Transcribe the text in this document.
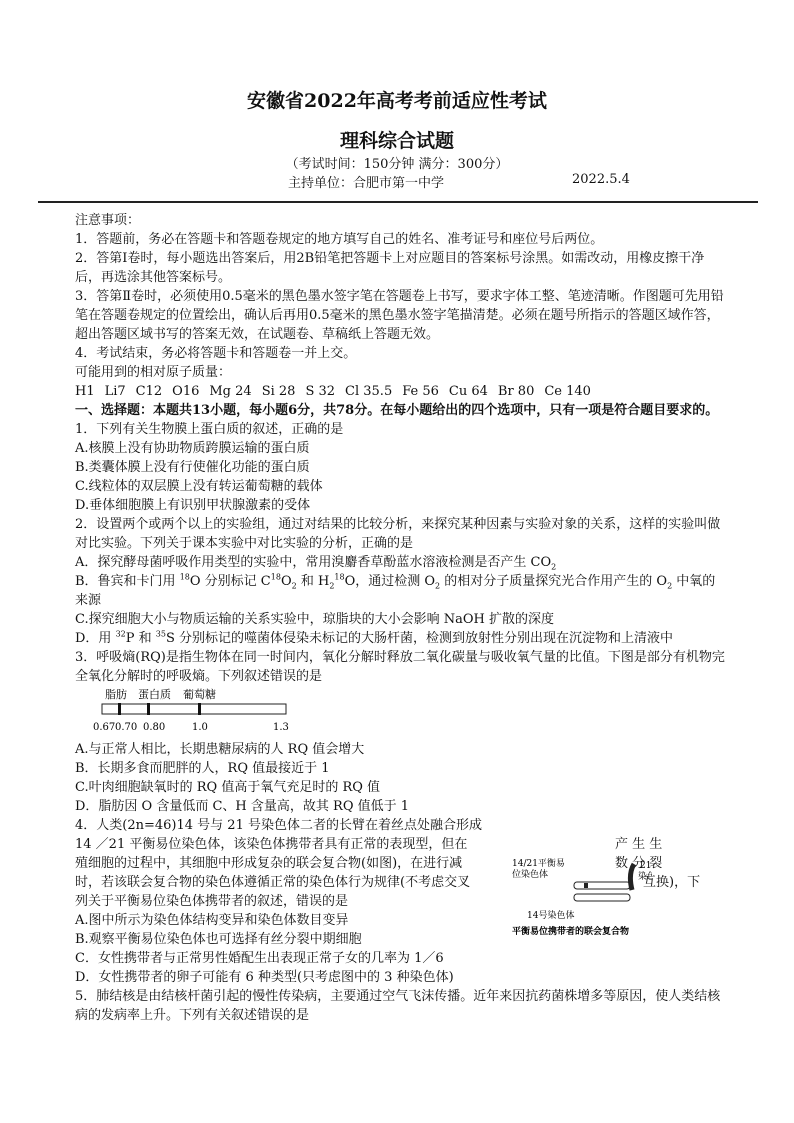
安徽省2022年高考考前适应性考试
理科综合试题
（考试时间：150分钟 满分：300分）
主持单位：合肥市第一中学	2022.5.4

注意事项：

1．答题前，务必在答题卡和答题卷规定的地方填写自己的姓名、准考证号和座位号后两位。

2．答第Ⅰ卷时，每小题选出答案后，用2B铅笔把答题卡上对应题目的答案标号涂黑。如需改动，用橡皮擦干净后，再选涂其他答案标号。

3．答第Ⅱ卷时，必须使用0.5毫米的黑色墨水签字笔在答题卷上书写，要求字体工整、笔迹清晰。作图题可先用铅笔在答题卷规定的位置绘出，确认后再用0.5毫米的黑色墨水签字笔描清楚。必须在题号所指示的答题区域作答，超出答题区域书写的答案无效，在试题卷、草稿纸上答题无效。

4．考试结束，务必将答题卡和答题卷一并上交。

可能用到的相对原子质量：

H1 Li7 C12 O16 Mg 24 Si 28 S 32 Cl 35.5 Fe 56 Cu 64 Br 80 Ce 140

一、选择题：本题共13小题，每小题6分，共78分。在每小题给出的四个选项中，只有一项是符合题目要求的。

1．下列有关生物膜上蛋白质的叙述，正确的是

A.核膜上没有协助物质跨膜运输的蛋白质

B.类囊体膜上没有行使催化功能的蛋白质

C.线粒体的双层膜上没有转运葡萄糖的载体

D.垂体细胞膜上有识别甲状腺激素的受体

2．设置两个或两个以上的实验组，通过对结果的比较分析，来探究某种因素与实验对象的关系，这样的实验叫做对比实验。下列关于课本实验中对比实验的分析，正确的是

A．探究酵母菌呼吸作用类型的实验中，常用溴麝香草酚蓝水溶液检测是否产生 $CO_2$

B．鲁宾和卡门用 $^{18}$O 分别标记 $C^{18}O_2$ 和 $H_2^{18}O$，通过检测 $O_2$ 的相对分子质量探究光合作用产生的 $O_2$ 中氧的来源

C.探究细胞大小与物质运输的关系实验中，琼脂块的大小会影响 NaOH 扩散的深度

D．用 $^{32}$P 和 $^{35}$S 分别标记的噬菌体侵染未标记的大肠杆菌，检测到放射性分别出现在沉淀物和上清液中

3．呼吸熵(RQ)是指生物体在同一时间内，氧化分解时释放二氧化碳量与吸收氧气量的比值。下图是部分有机物完全氧化分解时的呼吸熵。下列叙述错误的是

脂肪 蛋白质 葡萄糖
0.67 0.70 0.80	1.0	1.3

A.与正常人相比，长期患糖尿病的人 RQ 值会增大

B．长期多食而肥胖的人，RQ 值最接近于 1

C.叶肉细胞缺氧时的 RQ 值高于氧气充足时的 RQ 值

D．脂肪因 O 含量低而 C、H 含量高，故其 RQ 值低于 1

4．人类(2n=46)14 号与 21 号染色体二者的长臂在着丝点处融合形成

14 ／21 平衡易位染色体，该染色体携带者具有正常的表现型，但在	产 生 生

殖细胞的过程中，其细胞中形成复杂的联会复合物(如图)，在进行减	数 分 裂

时，若该联会复合物的染色体遵循正常的染色体行为规律(不考虑交叉	互换)，下

列关于平衡易位染色体携带者的叙述，错误的是

A.图中所示为染色体结构变异和染色体数目变异

B.观察平衡易位染色体也可选择有丝分裂中期细胞

C．女性携带者与正常男性婚配生出表现正常子女的几率为 1／6

D．女性携带者的卵子可能有 6 种类型(只考虑图中的 3 种染色体)

5．肺结核是由结核杆菌引起的慢性传染病，主要通过空气飞沫传播。近年来因抗药菌株增多等原因，使人类结核病的发病率上升。下列有关叙述错误的是

14/21平衡易
位染色体
21
染色
14号染色体
平衡易位携带者的联会复合物
